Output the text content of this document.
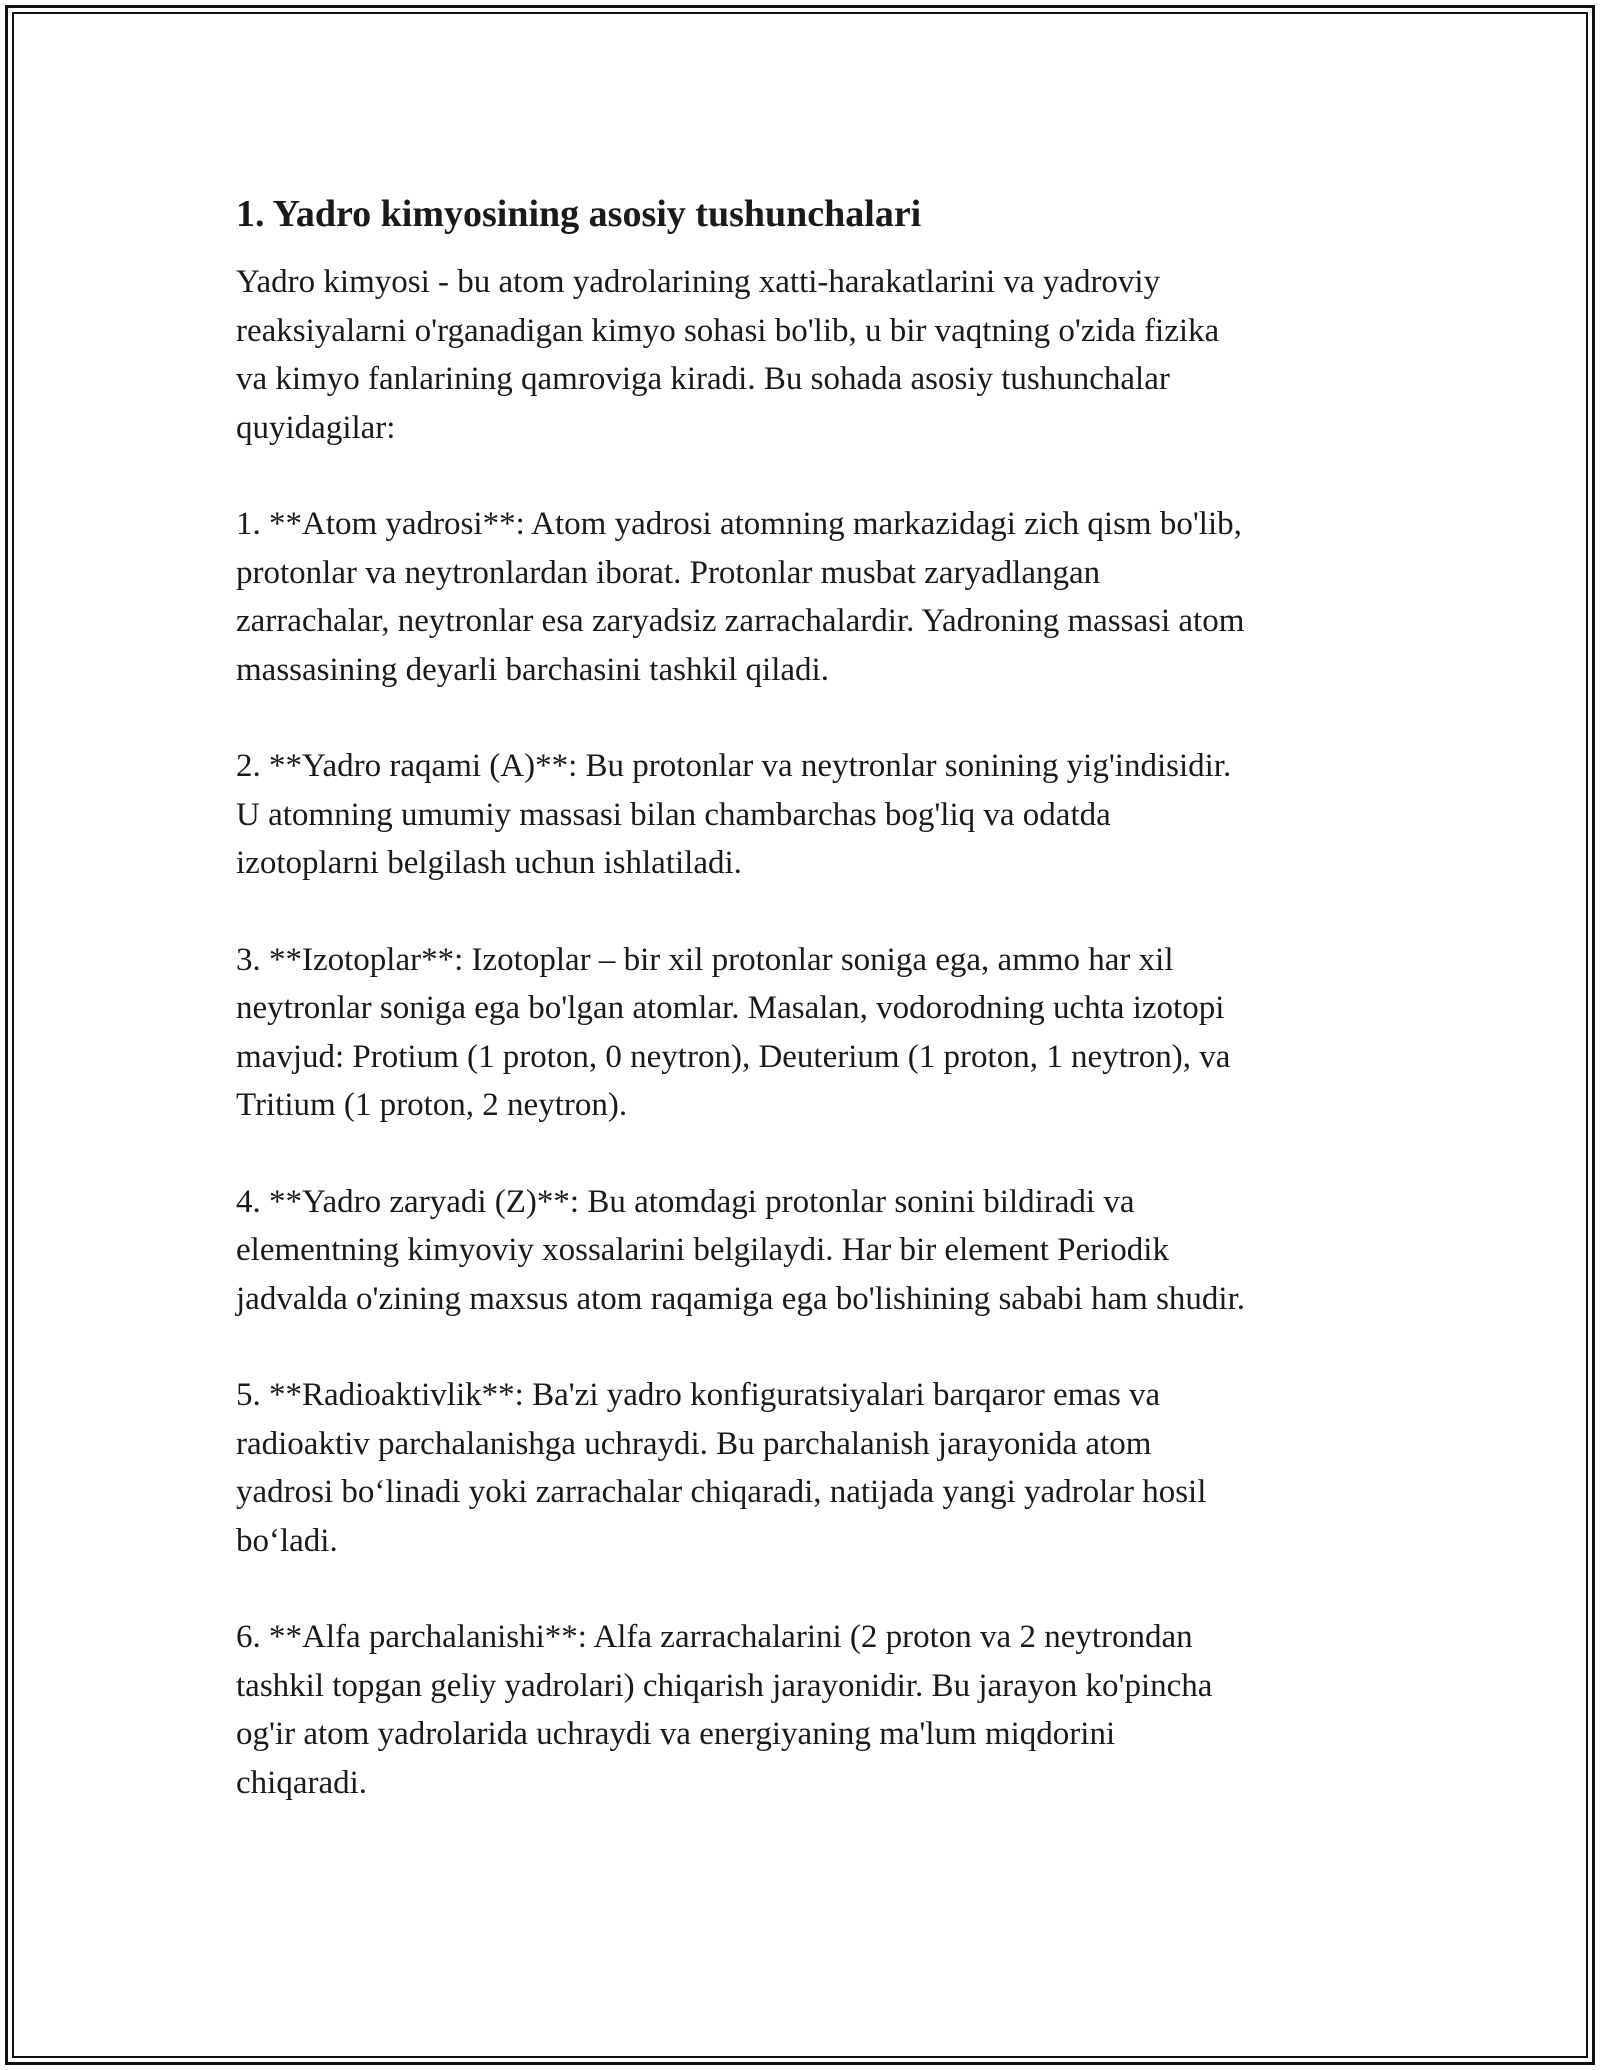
1. Yadro kimyosining asosiy tushunchalari

Yadro kimyosi - bu atom yadrolarining xatti-harakatlarini va yadroviy
reaksiyalarni o'rganadigan kimyo sohasi bo'lib, u bir vaqtning o'zida fizika
va kimyo fanlarining qamroviga kiradi. Bu sohada asosiy tushunchalar
quyidagilar:

1. **Atom yadrosi**: Atom yadrosi atomning markazidagi zich qism bo'lib,
protonlar va neytronlardan iborat. Protonlar musbat zaryadlangan
zarrachalar, neytronlar esa zaryadsiz zarrachalardir. Yadroning massasi atom
massasining deyarli barchasini tashkil qiladi.

2. **Yadro raqami (A)**: Bu protonlar va neytronlar sonining yig'indisidir.
U atomning umumiy massasi bilan chambarchas bog'liq va odatda
izotoplarni belgilash uchun ishlatiladi.

3. **Izotoplar**: Izotoplar – bir xil protonlar soniga ega, ammo har xil
neytronlar soniga ega bo'lgan atomlar. Masalan, vodorodning uchta izotopi
mavjud: Protium (1 proton, 0 neytron), Deuterium (1 proton, 1 neytron), va
Tritium (1 proton, 2 neytron).

4. **Yadro zaryadi (Z)**: Bu atomdagi protonlar sonini bildiradi va
elementning kimyoviy xossalarini belgilaydi. Har bir element Periodik
jadvalda o'zining maxsus atom raqamiga ega bo'lishining sababi ham shudir.

5. **Radioaktivlik**: Ba'zi yadro konfiguratsiyalari barqaror emas va
radioaktiv parchalanishga uchraydi. Bu parchalanish jarayonida atom
yadrosi bo‘linadi yoki zarrachalar chiqaradi, natijada yangi yadrolar hosil
bo‘ladi.

6. **Alfa parchalanishi**: Alfa zarrachalarini (2 proton va 2 neytrondan
tashkil topgan geliy yadrolari) chiqarish jarayonidir. Bu jarayon ko'pincha
og'ir atom yadrolarida uchraydi va energiyaning ma'lum miqdorini
chiqaradi.
